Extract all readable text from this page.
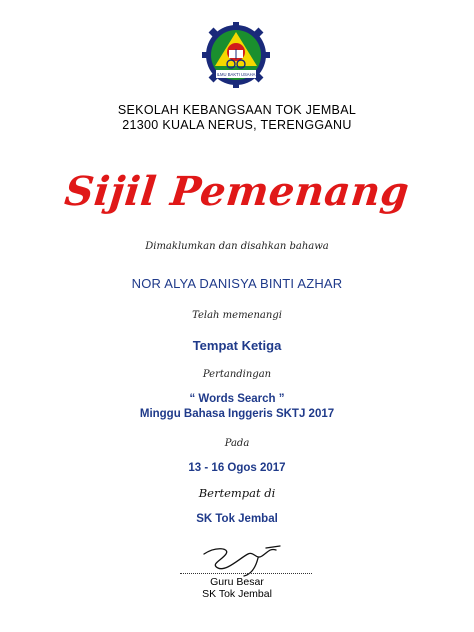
ILMU BAKTI USAHA
SEKOLAH KEBANGSAAN TOK JEMBAL
21300 KUALA NERUS, TERENGGANU
Sijil Pemenang
Dimaklumkan dan disahkan bahawa
NOR ALYA DANISYA BINTI AZHAR
Telah memenangi
Tempat Ketiga
Pertandingan
“ Words Search ”
Minggu Bahasa Inggeris SKTJ 2017
Pada
13 - 16 Ogos 2017
Bertempat di
SK Tok Jembal
Guru Besar
SK Tok Jembal
